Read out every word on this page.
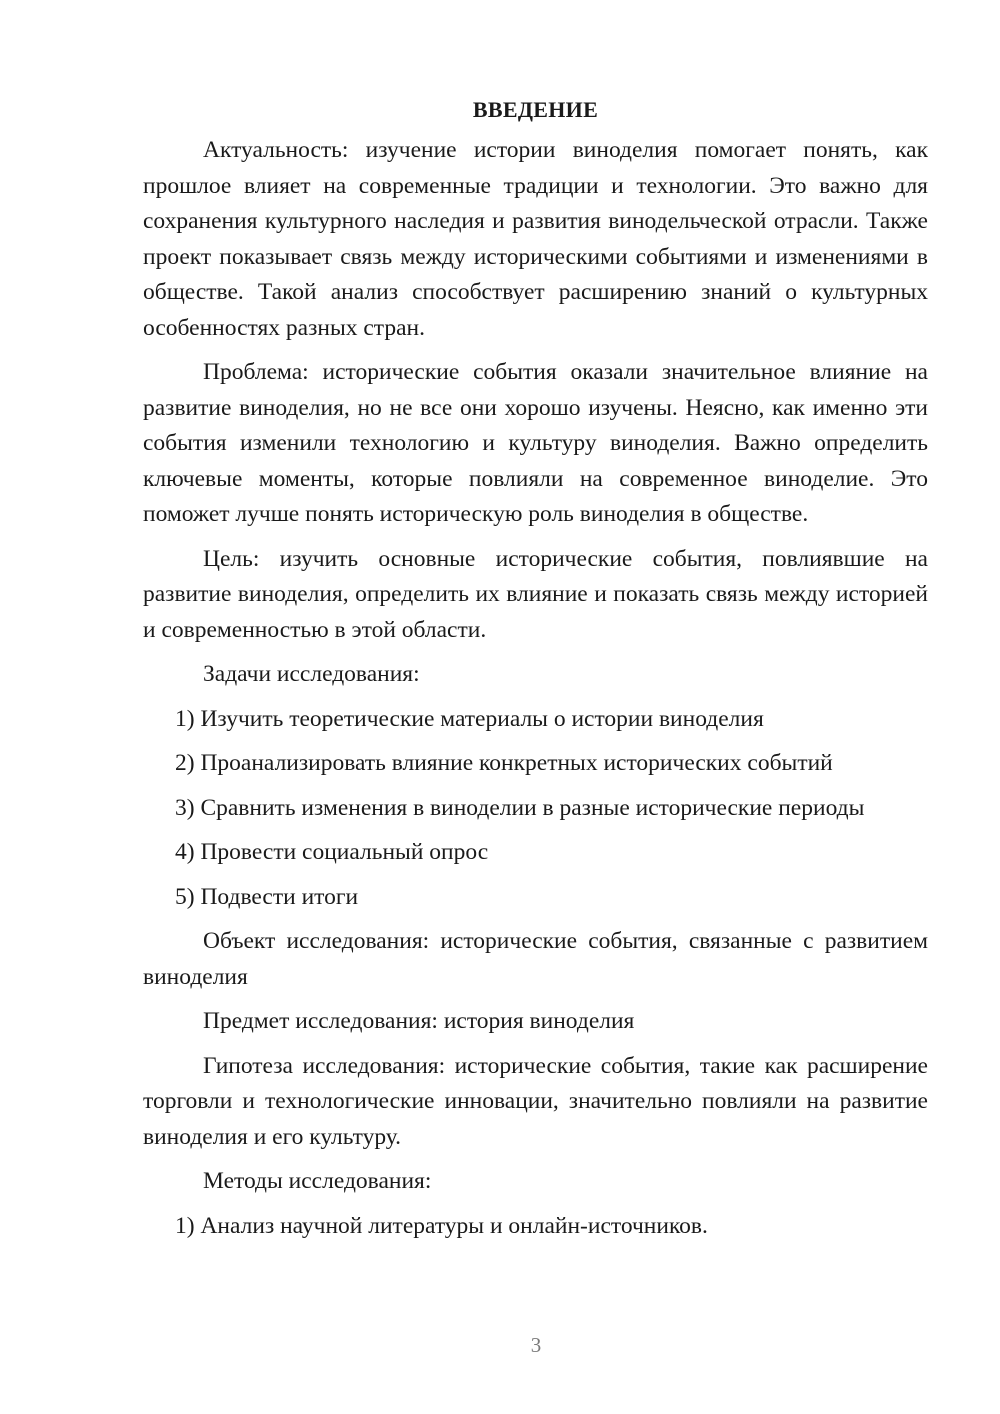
ВВЕДЕНИЕ

Актуальность: изучение истории виноделия помогает понять, как прошлое влияет на современные традиции и технологии. Это важно для сохранения культурного наследия и развития винодельческой отрасли. Также проект показывает связь между историческими событиями и изменениями в обществе. Такой анализ способствует расширению знаний о культурных особенностях разных стран.

Проблема: исторические события оказали значительное влияние на развитие виноделия, но не все они хорошо изучены. Неясно, как именно эти события изменили технологию и культуру виноделия. Важно определить ключевые моменты, которые повлияли на современное виноделие. Это поможет лучше понять историческую роль виноделия в обществе.

Цель: изучить основные исторические события, повлиявшие на развитие виноделия, определить их влияние и показать связь между историей и современностью в этой области.

Задачи исследования:

1) Изучить теоретические материалы о истории виноделия

2) Проанализировать влияние конкретных исторических событий

3) Сравнить изменения в виноделии в разные исторические периоды

4) Провести социальный опрос

5) Подвести итоги

Объект исследования: исторические события, связанные с развитием виноделия

Предмет исследования: история виноделия

Гипотеза исследования: исторические события, такие как расширение торговли и технологические инновации, значительно повлияли на развитие виноделия и его культуру.

Методы исследования:

1) Анализ научной литературы и онлайн-источников.

3
